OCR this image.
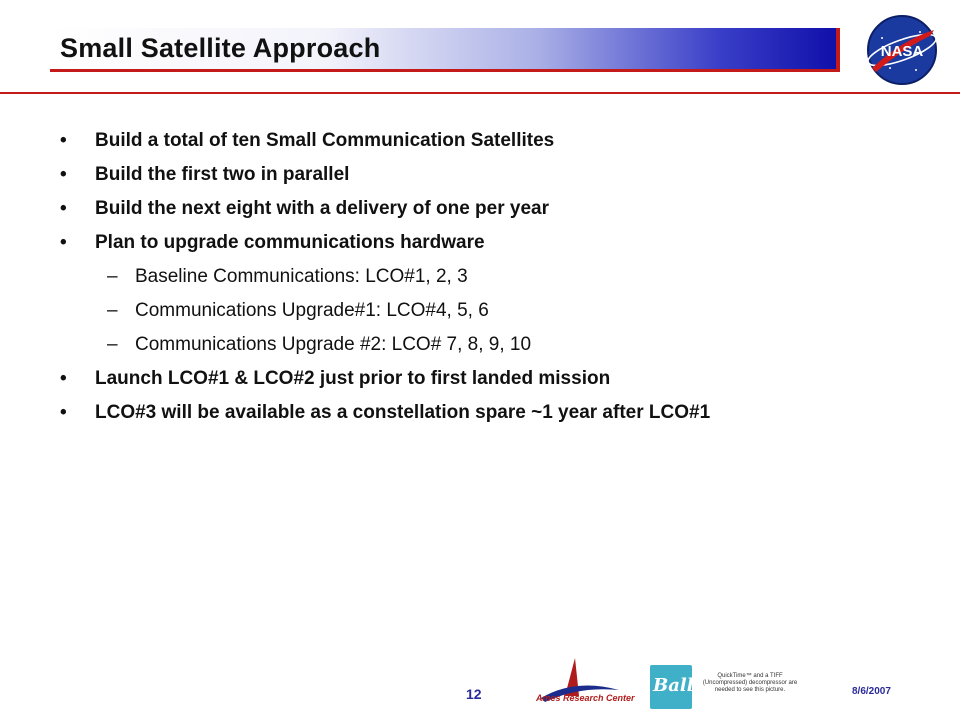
Small Satellite Approach	NASA
• Build a total of ten Small Communication Satellites
• Build the first two in parallel
• Build the next eight with a delivery of one per year
• Plan to upgrade communications hardware
– Baseline Communications: LCO#1, 2, 3
– Communications Upgrade#1: LCO#4, 5, 6
– Communications Upgrade #2: LCO# 7, 8, 9, 10
• Launch LCO#1 & LCO#2 just prior to first landed mission
• LCO#3 will be available as a constellation spare ~1 year after LCO#1
12	Ames Research Center
Ball	QuickTime™ and a TIFF (Uncompressed) decompressor are needed to see this picture.	8/6/2007
